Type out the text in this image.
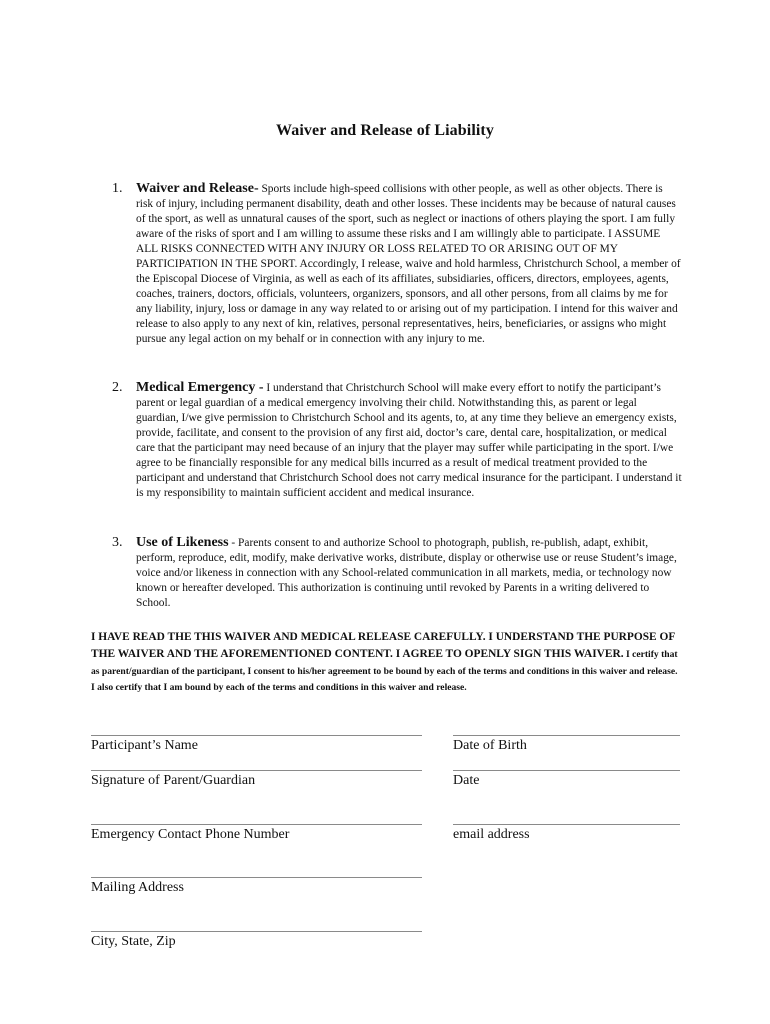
Waiver and Release of Liability
1. Waiver and Release- Sports include high-speed collisions with other people, as well as other objects. There is risk of injury, including permanent disability, death and other losses. These incidents may be because of natural causes of the sport, as well as unnatural causes of the sport, such as neglect or inactions of others playing the sport. I am fully aware of the risks of sport and I am willing to assume these risks and I am willingly able to participate. I ASSUME ALL RISKS CONNECTED WITH ANY INJURY OR LOSS RELATED TO OR ARISING OUT OF MY PARTICIPATION IN THE SPORT. Accordingly, I release, waive and hold harmless, Christchurch School, a member of the Episcopal Diocese of Virginia, as well as each of its affiliates, subsidiaries, officers, directors, employees, agents, coaches, trainers, doctors, officials, volunteers, organizers, sponsors, and all other persons, from all claims by me for any liability, injury, loss or damage in any way related to or arising out of my participation. I intend for this waiver and release to also apply to any next of kin, relatives, personal representatives, heirs, beneficiaries, or assigns who might pursue any legal action on my behalf or in connection with any injury to me.
2. Medical Emergency - I understand that Christchurch School will make every effort to notify the participant’s parent or legal guardian of a medical emergency involving their child. Notwithstanding this, as parent or legal guardian, I/we give permission to Christchurch School and its agents, to, at any time they believe an emergency exists, provide, facilitate, and consent to the provision of any first aid, doctor’s care, dental care, hospitalization, or medical care that the participant may need because of an injury that the player may suffer while participating in the sport. I/we agree to be financially responsible for any medical bills incurred as a result of medical treatment provided to the participant and understand that Christchurch School does not carry medical insurance for the participant. I understand it is my responsibility to maintain sufficient accident and medical insurance.
3. Use of Likeness - Parents consent to and authorize School to photograph, publish, re-publish, adapt, exhibit, perform, reproduce, edit, modify, make derivative works, distribute, display or otherwise use or reuse Student’s image, voice and/or likeness in connection with any School-related communication in all markets, media, or technology now known or hereafter developed. This authorization is continuing until revoked by Parents in a writing delivered to School.
I HAVE READ THE THIS WAIVER AND MEDICAL RELEASE CAREFULLY. I UNDERSTAND THE PURPOSE OF THE WAIVER AND THE AFOREMENTIONED CONTENT. I AGREE TO OPENLY SIGN THIS WAIVER. I certify that as parent/guardian of the participant, I consent to his/her agreement to be bound by each of the terms and conditions in this waiver and release. I also certify that I am bound by each of the terms and conditions in this waiver and release.
Participant’s Name	Date of Birth
Signature of Parent/Guardian	Date
Emergency Contact Phone Number	email address
Mailing Address
City, State, Zip
